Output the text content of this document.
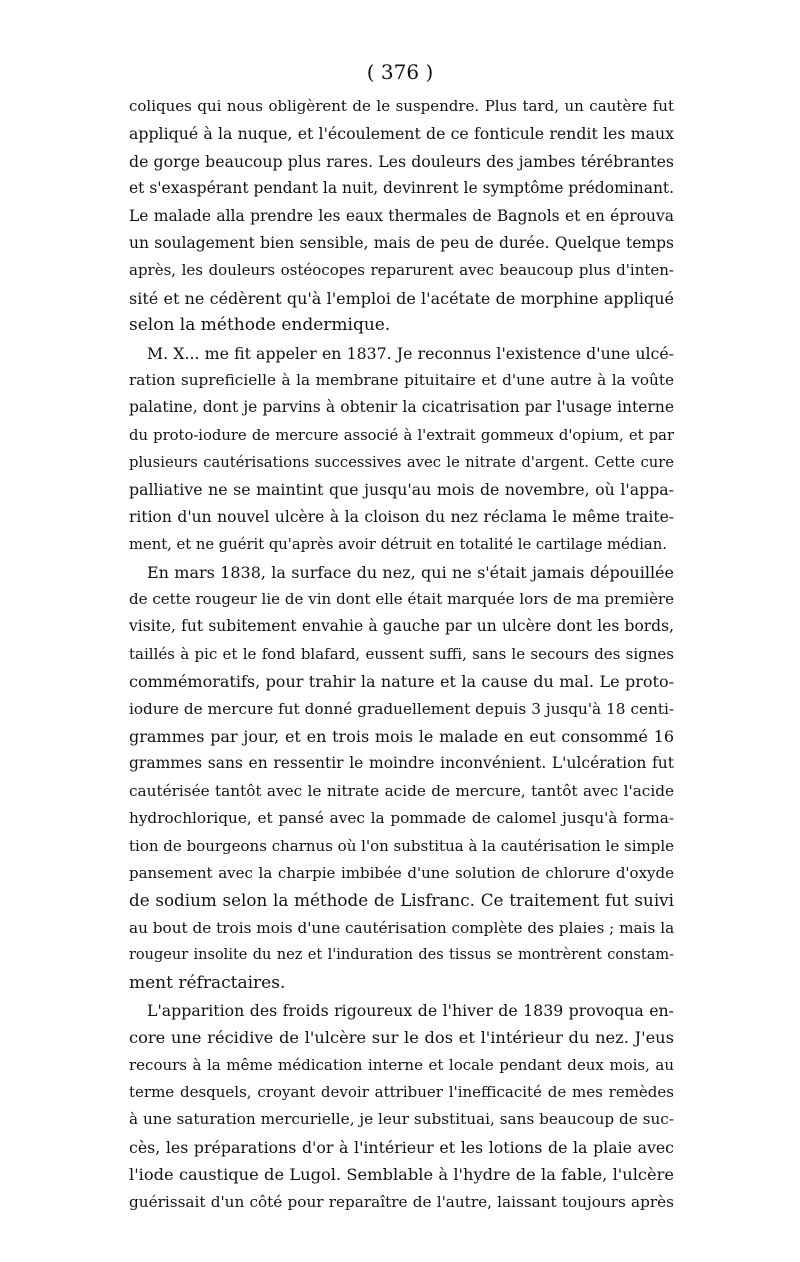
( 376 )
coliques qui nous obligèrent de le suspendre. Plus tard, un cautère fut
appliqué à la nuque, et l'écoulement de ce fonticule rendit les maux
de gorge beaucoup plus rares. Les douleurs des jambes térébrantes
et s'exaspérant pendant la nuit, devinrent le symptôme prédominant.
Le malade alla prendre les eaux thermales de Bagnols et en éprouva
un soulagement bien sensible, mais de peu de durée. Quelque temps
après, les douleurs ostéocopes reparurent avec beaucoup plus d'inten-
sité et ne cédèrent qu'à l'emploi de l'acétate de morphine appliqué
selon la méthode endermique.
M. X... me fit appeler en 1837. Je reconnus l'existence d'une ulcé-
ration supreficielle à la membrane pituitaire et d'une autre à la voûte
palatine, dont je parvins à obtenir la cicatrisation par l'usage interne
du proto-iodure de mercure associé à l'extrait gommeux d'opium, et par
plusieurs cautérisations successives avec le nitrate d'argent. Cette cure
palliative ne se maintint que jusqu'au mois de novembre, où l'appa-
rition d'un nouvel ulcère à la cloison du nez réclama le même traite-
ment, et ne guérit qu'après avoir détruit en totalité le cartilage médian.
En mars 1838, la surface du nez, qui ne s'était jamais dépouillée
de cette rougeur lie de vin dont elle était marquée lors de ma première
visite, fut subitement envahie à gauche par un ulcère dont les bords,
taillés à pic et le fond blafard, eussent suffi, sans le secours des signes
commémoratifs, pour trahir la nature et la cause du mal. Le proto-
iodure de mercure fut donné graduellement depuis 3 jusqu'à 18 centi-
grammes par jour, et en trois mois le malade en eut consommé 16
grammes sans en ressentir le moindre inconvénient. L'ulcération fut
cautérisée tantôt avec le nitrate acide de mercure, tantôt avec l'acide
hydrochlorique, et pansé avec la pommade de calomel jusqu'à forma-
tion de bourgeons charnus où l'on substitua à la cautérisation le simple
pansement avec la charpie imbibée d'une solution de chlorure d'oxyde
de sodium selon la méthode de Lisfranc. Ce traitement fut suivi
au bout de trois mois d'une cautérisation complète des plaies ; mais la
rougeur insolite du nez et l'induration des tissus se montrèrent constam-
ment réfractaires.
L'apparition des froids rigoureux de l'hiver de 1839 provoqua en-
core une récidive de l'ulcère sur le dos et l'intérieur du nez. J'eus
recours à la même médication interne et locale pendant deux mois, au
terme desquels, croyant devoir attribuer l'inefficacité de mes remèdes
à une saturation mercurielle, je leur substituai, sans beaucoup de suc-
cès, les préparations d'or à l'intérieur et les lotions de la plaie avec
l'iode caustique de Lugol. Semblable à l'hydre de la fable, l'ulcère
guérissait d'un côté pour reparaître de l'autre, laissant toujours après
